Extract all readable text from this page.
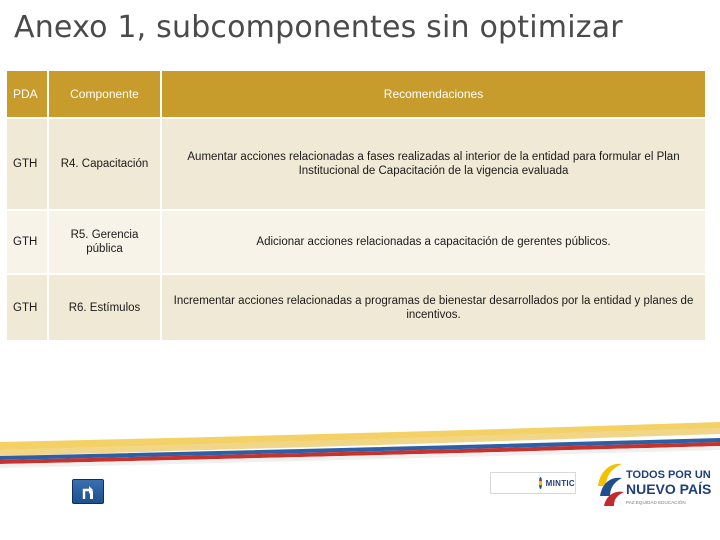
Anexo 1, subcomponentes sin optimizar
PDA	Componente	Recomendaciones
GTH	R4. Capacitación	Aumentar acciones relacionadas a fases realizadas al interior de la entidad para formular el Plan Institucional de Capacitación de la vigencia evaluada
GTH	R5. Gerencia pública	Adicionar acciones relacionadas a capacitación de gerentes públicos.
GTH	R6. Estímulos	Incrementar acciones relacionadas a programas de bienestar desarrollados por la entidad y planes de incentivos.
MINTIC
TODOS POR UN
NUEVO PAÍS
PAZ EQUIDAD EDUCACIÓN
